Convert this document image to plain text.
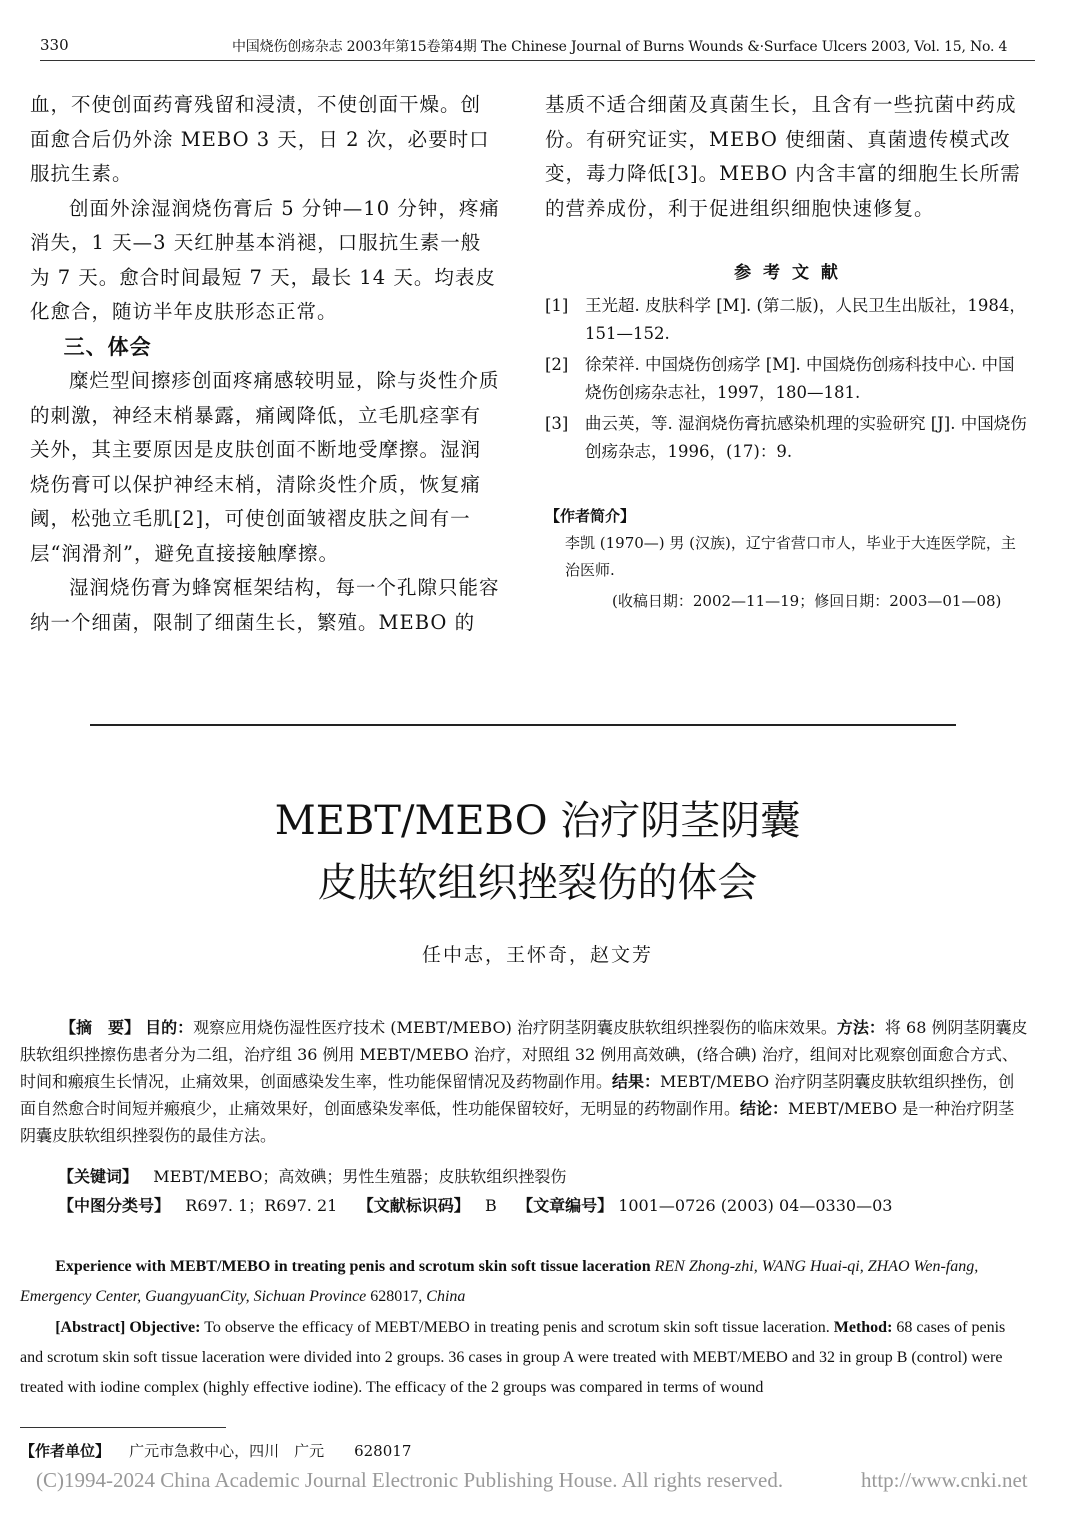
330	中国烧伤创疡杂志 2003年第15卷第4期 The Chinese Journal of Burns Wounds &·Surface Ulcers 2003, Vol. 15, No. 4

血，不使创面药膏残留和浸渍，不使创面干燥。创面愈合后仍外涂 MEBO 3 天，日 2 次，必要时口服抗生素。

创面外涂湿润烧伤膏后 5 分钟—10 分钟，疼痛消失，1 天—3 天红肿基本消褪，口服抗生素一般为 7 天。愈合时间最短 7 天，最长 14 天。均表皮化愈合，随访半年皮肤形态正常。

三、体会

糜烂型间擦疹创面疼痛感较明显，除与炎性介质的刺激，神经末梢暴露，痛阈降低，立毛肌痉挛有关外，其主要原因是皮肤创面不断地受摩擦。湿润烧伤膏可以保护神经末梢，清除炎性介质，恢复痛阈，松弛立毛肌[2]，可使创面皱褶皮肤之间有一层“润滑剂”，避免直接接触摩擦。

湿润烧伤膏为蜂窝框架结构，每一个孔隙只能容纳一个细菌，限制了细菌生长，繁殖。MEBO 的

基质不适合细菌及真菌生长，且含有一些抗菌中药成份。有研究证实，MEBO 使细菌、真菌遗传模式改变，毒力降低[3]。MEBO 内含丰富的细胞生长所需的营养成份，利于促进组织细胞快速修复。

参 考 文 献
[1]	王光超. 皮肤科学 [M]. (第二版)，人民卫生出版社，1984，151—152.
[2]	徐荣祥. 中国烧伤创疡学 [M]. 中国烧伤创疡科技中心. 中国烧伤创疡杂志社，1997，180—181.
[3]	曲云英，等. 湿润烧伤膏抗感染机理的实验研究 [J]. 中国烧伤创疡杂志，1996，(17)：9.
【作者简介】
李凯 (1970—) 男 (汉族)，辽宁省营口市人，毕业于大连医学院，主治医师.
(收稿日期：2002—11—19；修回日期：2003—01—08)
MEBT/MEBO 治疗阴茎阴囊
皮肤软组织挫裂伤的体会
任中志，王怀奇，赵文芳
【摘　要】 目的：观察应用烧伤湿性医疗技术 (MEBT/MEBO) 治疗阴茎阴囊皮肤软组织挫裂伤的临床效果。方法：将 68 例阴茎阴囊皮肤软组织挫擦伤患者分为二组，治疗组 36 例用 MEBT/MEBO 治疗，对照组 32 例用高效碘，(络合碘) 治疗，组间对比观察创面愈合方式、时间和瘢痕生长情况，止痛效果，创面感染发生率，性功能保留情况及药物副作用。结果：MEBT/MEBO 治疗阴茎阴囊皮肤软组织挫伤，创面自然愈合时间短并瘢痕少，止痛效果好，创面感染发率低，性功能保留较好，无明显的药物副作用。结论：MEBT/MEBO 是一种治疗阴茎阴囊皮肤软组织挫裂伤的最佳方法。
【关键词】 MEBT/MEBO；高效碘；男性生殖器；皮肤软组织挫裂伤
【中图分类号】 R697. 1；R697. 21 【文献标识码】 B 【文章编号】 1001—0726 (2003) 04—0330—03
Experience with MEBT/MEBO in treating penis and scrotum skin soft tissue laceration REN Zhong-zhi, WANG Huai-qi, ZHAO Wen-fang, Emergency Center, GuangyuanCity, Sichuan Province 628017, China
[Abstract] Objective: To observe the efficacy of MEBT/MEBO in treating penis and scrotum skin soft tissue laceration. Method: 68 cases of penis and scrotum skin soft tissue laceration were divided into 2 groups. 36 cases in group A were treated with MEBT/MEBO and 32 in group B (control) were treated with iodine complex (highly effective iodine). The efficacy of the 2 groups was compared in terms of wound
【作者单位】 广元市急救中心，四川　广元　　628017
(C)1994-2024 China Academic Journal Electronic Publishing House. All rights reserved.	http://www.cnki.net
